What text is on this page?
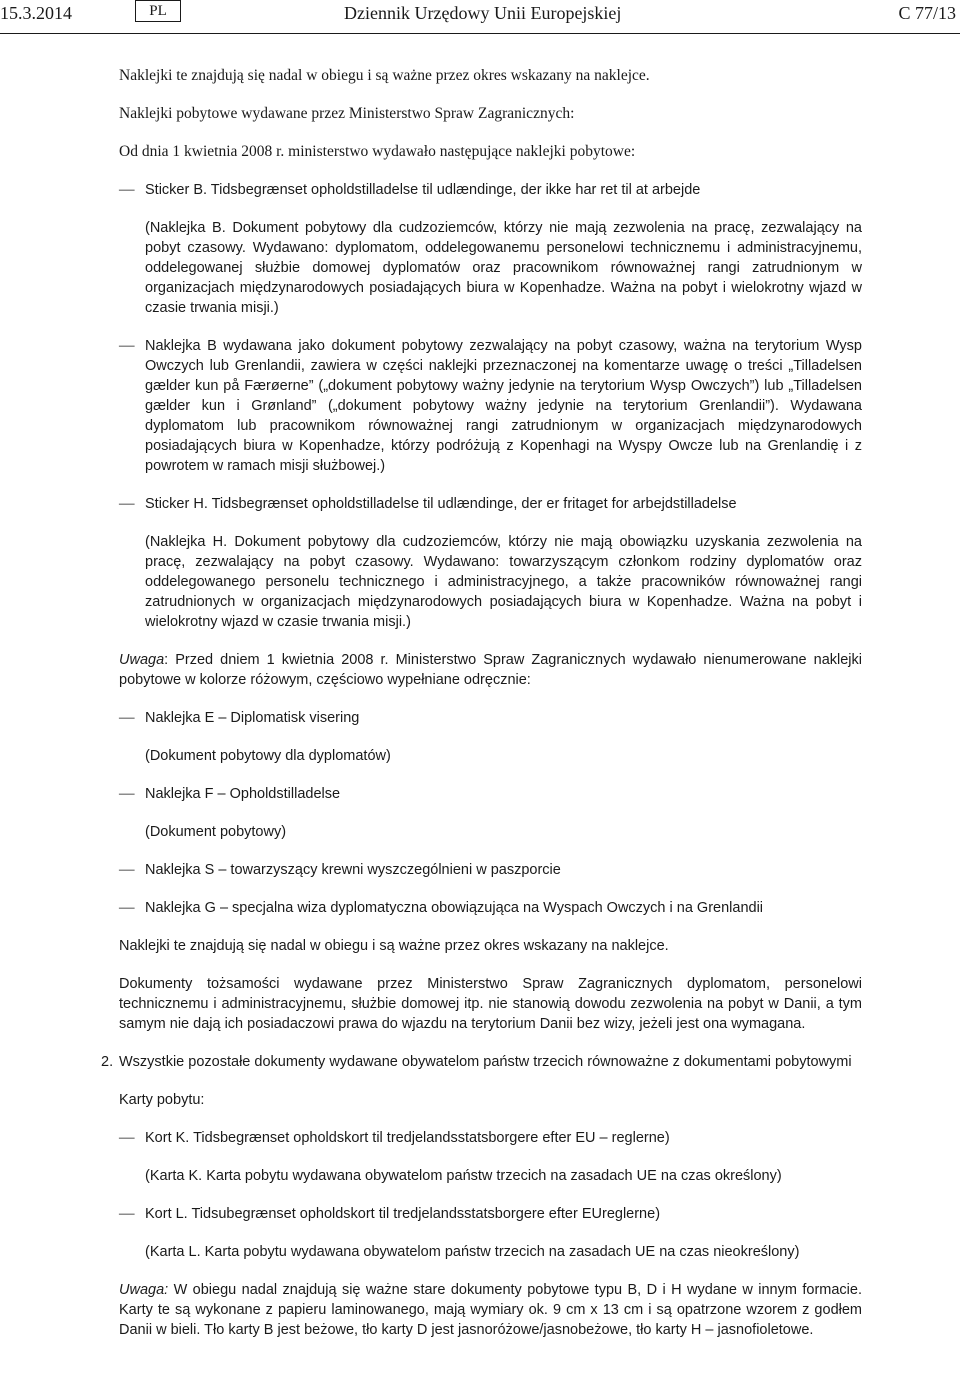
15.3.2014	PL	Dziennik Urzędowy Unii Europejskiej	C 77/13

Naklejki te znajdują się nadal w obiegu i są ważne przez okres wskazany na naklejce.

Naklejki pobytowe wydawane przez Ministerstwo Spraw Zagranicznych:

Od dnia 1 kwietnia 2008 r. ministerstwo wydawało następujące naklejki pobytowe:

— Sticker B. Tidsbegrænset opholdstilladelse til udlændinge, der ikke har ret til at arbejde

(Naklejka B. Dokument pobytowy dla cudzoziemców, którzy nie mają zezwolenia na pracę, zezwalający na pobyt czasowy. Wydawano: dyplomatom, oddelegowanemu personelowi technicznemu i administracyjnemu, oddelegowanej służbie domowej dyplomatów oraz pracownikom równoważnej rangi zatrudnionym w organizacjach międzynarodowych posiadających biura w Kopenhadze. Ważna na pobyt i wielokrotny wjazd w czasie trwania misji.)

— Naklejka B wydawana jako dokument pobytowy zezwalający na pobyt czasowy, ważna na terytorium Wysp Owczych lub Grenlandii, zawiera w części naklejki przeznaczonej na komentarze uwagę o treści „Tilladelsen gælder kun på Færøerne” („dokument pobytowy ważny jedynie na terytorium Wysp Owczych”) lub „Tilladelsen gælder kun i Grønland” („dokument pobytowy ważny jedynie na terytorium Grenlandii”). Wydawana dyplomatom lub pracownikom równoważnej rangi zatrudnionym w organizacjach międzynarodowych posiadających biura w Kopenhadze, którzy podróżują z Kopenhagi na Wyspy Owcze lub na Grenlandię i z powrotem w ramach misji służbowej.)
— Sticker H. Tidsbegrænset opholdstilladelse til udlændinge, der er fritaget for arbejdstilladelse

(Naklejka H. Dokument pobytowy dla cudzoziemców, którzy nie mają obowiązku uzyskania zezwolenia na pracę, zezwalający na pobyt czasowy. Wydawano: towarzyszącym członkom rodziny dyplomatów oraz oddelegowanego personelu technicznego i administracyjnego, a także pracowników równoważnej rangi zatrudnionych w organizacjach międzynarodowych posiadających biura w Kopenhadze. Ważna na pobyt i wielokrotny wjazd w czasie trwania misji.)

Uwaga: Przed dniem 1 kwietnia 2008 r. Ministerstwo Spraw Zagranicznych wydawało nienumerowane naklejki pobytowe w kolorze różowym, częściowo wypełniane odręcznie:

— Naklejka E – Diplomatisk visering

(Dokument pobytowy dla dyplomatów)

— Naklejka F – Opholdstilladelse

(Dokument pobytowy)

— Naklejka S – towarzyszący krewni wyszczególnieni w paszporcie
— Naklejka G – specjalna wiza dyplomatyczna obowiązująca na Wyspach Owczych i na Grenlandii

Naklejki te znajdują się nadal w obiegu i są ważne przez okres wskazany na naklejce.

Dokumenty tożsamości wydawane przez Ministerstwo Spraw Zagranicznych dyplomatom, personelowi technicznemu i administracyjnemu, służbie domowej itp. nie stanowią dowodu zezwolenia na pobyt w Danii, a tym samym nie dają ich posiadaczowi prawa do wjazdu na terytorium Danii bez wizy, jeżeli jest ona wymagana.

2. Wszystkie pozostałe dokumenty wydawane obywatelom państw trzecich równoważne z dokumentami pobytowymi

Karty pobytu:

— Kort K. Tidsbegrænset opholdskort til tredjelandsstatsborgere efter EU – reglerne)

(Karta K. Karta pobytu wydawana obywatelom państw trzecich na zasadach UE na czas określony)

— Kort L. Tidsubegrænset opholdskort til tredjelandsstatsborgere efter EUreglerne)

(Karta L. Karta pobytu wydawana obywatelom państw trzecich na zasadach UE na czas nieokreślony)

Uwaga: W obiegu nadal znajdują się ważne stare dokumenty pobytowe typu B, D i H wydane w innym formacie. Karty te są wykonane z papieru laminowanego, mają wymiary ok. 9 cm x 13 cm i są opatrzone wzorem z godłem Danii w bieli. Tło karty B jest beżowe, tło karty D jest jasnoróżowe/jasnobeżowe, tło karty H – jasnofioletowe.
